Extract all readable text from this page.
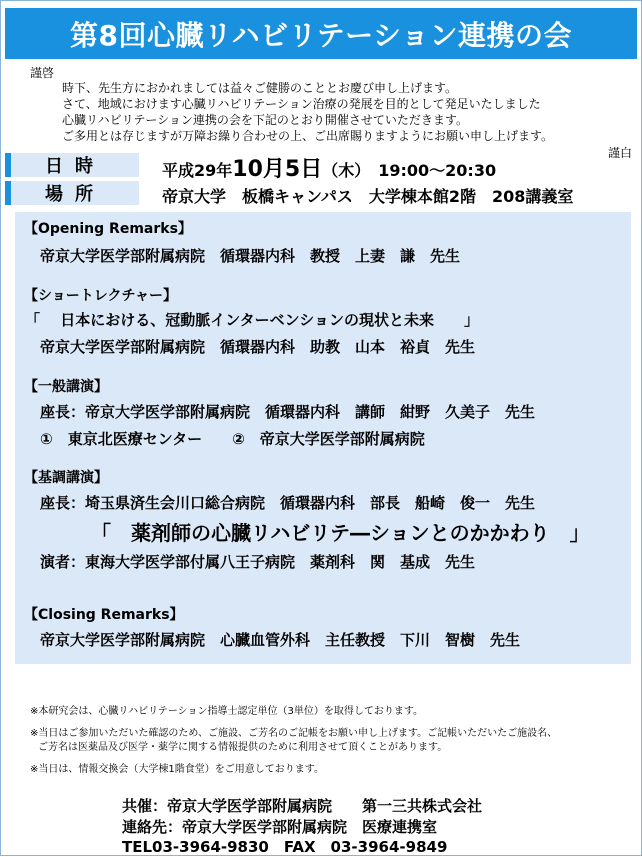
第8回心臓リハビリテーション連携の会
謹啓
時下、先生方におかれましては益々ご健勝のこととお慶び申し上げます。
さて、地域におけます心臓リハビリテーション治療の発展を目的として発足いたしました
心臓リハビリテーション連携の会を下記のとおり開催させていただきます。
ご多用とは存じますが万障お繰り合わせの上、ご出席賜りますようにお願い申し上げます。
謹白
日時	平成29年10月5日（木）　19:00～20:30
場所	帝京大学　板橋キャンパス　大学棟本館2階　208講義室
【Opening Remarks】
帝京大学医学部附属病院　循環器内科　教授　上妻　謙　先生
【ショートレクチャー】
「　 日本における、冠動脈インターベンションの現状と未来　　」
帝京大学医学部附属病院　循環器内科　助教　山本　裕貞　先生
【一般講演】
座長：帝京大学医学部附属病院　循環器内科　講師　紺野　久美子　先生
①　東京北医療センター　　②　帝京大学医学部附属病院
【基調講演】
座長：埼玉県済生会川口総合病院　循環器内科　部長　船崎　俊一　先生
「　薬剤師の心臓リハビリテ―ションとのかかわり　」
演者：東海大学医学部付属八王子病院　薬剤科　関　基成　先生
【Closing Remarks】
帝京大学医学部附属病院　心臓血管外科　主任教授　下川　智樹　先生
※本研究会は、心臓リハビリテーション指導士認定単位（3単位）を取得しております。
※当日はご参加いただいた確認のため、ご施設、ご芳名のご記帳をお願い申し上げます。ご記帳いただいたご施設名、
ご芳名は医薬品及び医学・薬学に関する情報提供のために利用させて頂くことがあります。
※当日は、情報交換会（大学棟1階食堂）をご用意しております。
共催：帝京大学医学部附属病院　　第一三共株式会社
連絡先：帝京大学医学部附属病院　医療連携室
TEL03-3964-9830　FAX　03-3964-9849
